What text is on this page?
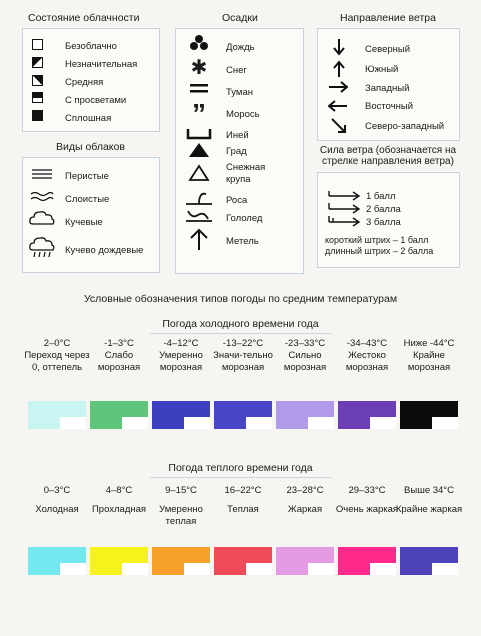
Состояние облачности
Безоблачно
Незначительная
Средняя
С просветами
Сплошная
Осадки
✱
”
Дождь
Снег
Туман
Морось
Иней
Град
Снежная крупа
Роса
Гололед
Метель
Направление ветра
Северный
Южный
Западный
Восточный
Северо-западный
Виды облаков
Перистые
Слоистые
Кучевые
Кучево дождевые
Сила ветра (обозначается на стрелке направления ветра)
1 балл
2 балла
3 балла
короткий штрих – 1 балл
длинный штрих – 2 балла
Условные обозначения типов погоды по средним температурам
Погода холодного времени года
2–0°C
Переход через 0, оттепель
-1–3°C
Слабо морозная
-4–12°C
Умеренно морозная
-13–22°C
Значи-тельно морозная
-23–33°C
Сильно морозная
-34–43°C
Жестоко морозная
Ниже -44°C
Крайне морозная
Погода теплого времени года
0–3°C
Холодная
4–8°C
Прохладная
9–15°C
Умеренно теплая
16–22°C
Теплая
23–28°C
Жаркая
29–33°C
Очень жаркая
Выше 34°C
Крайне жаркая
